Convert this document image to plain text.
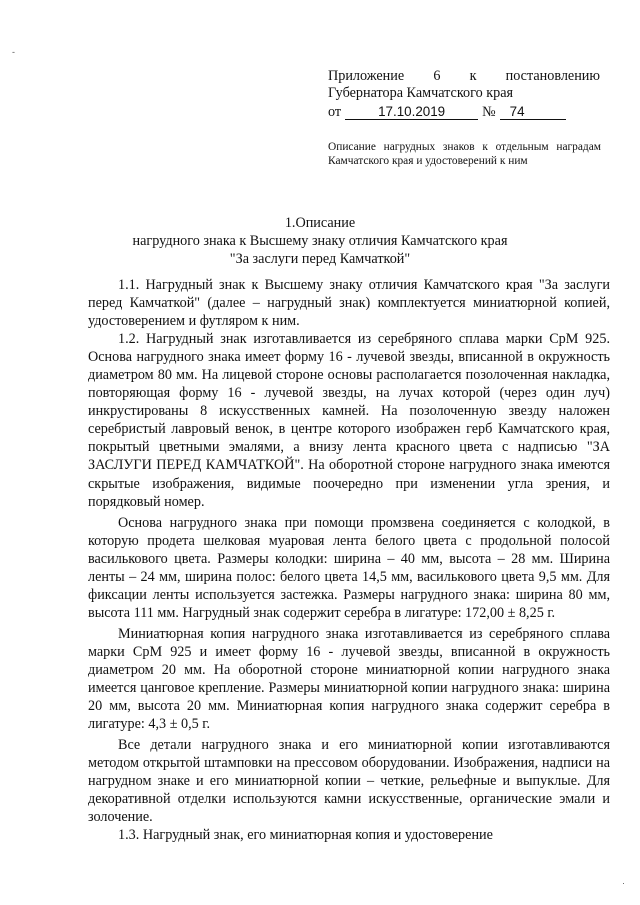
-
·
Приложение 6 к постановлению
Губернатора Камчатского края
от	17.10.2019	№	74
Описание нагрудных знаков к отдельным наградам Камчатского края и удостоверений к ним
1.Описание
нагрудного знака к Высшему знаку отличия Камчатского края
"За заслуги перед Камчаткой"

1.1. Нагрудный знак к Высшему знаку отличия Камчатского края "За заслуги перед Камчаткой" (далее – нагрудный знак) комплектуется миниатюрной копией, удостоверением и футляром к ним.

1.2. Нагрудный знак изготавливается из серебряного сплава марки СрМ 925. Основа нагрудного знака имеет форму 16 - лучевой звезды, вписанной в окружность диаметром 80 мм. На лицевой стороне основы располагается позолоченная накладка, повторяющая форму 16 - лучевой звезды, на лучах которой (через один луч) инкрустированы 8 искусственных камней. На позолоченную звезду наложен серебристый лавровый венок, в центре которого изображен герб Камчатского края, покрытый цветными эмалями, а внизу лента красного цвета с надписью "ЗА ЗАСЛУГИ ПЕРЕД КАМЧАТКОЙ". На оборотной стороне нагрудного знака имеются скрытые изображения, видимые поочередно при изменении угла зрения, и порядковый номер.

Основа нагрудного знака при помощи промзвена соединяется с колодкой, в которую продета шелковая муаровая лента белого цвета с продольной полосой василькового цвета. Размеры колодки: ширина – 40 мм, высота – 28 мм. Ширина ленты – 24 мм, ширина полос: белого цвета 14,5 мм, василькового цвета 9,5 мм. Для фиксации ленты используется застежка. Размеры нагрудного знака: ширина 80 мм, высота 111 мм. Нагрудный знак содержит серебра в лигатуре: 172,00 ± 8,25 г.

Миниатюрная копия нагрудного знака изготавливается из серебряного сплава марки СрМ 925 и имеет форму 16 - лучевой звезды, вписанной в окружность диаметром 20 мм. На оборотной стороне миниатюрной копии нагрудного знака имеется цанговое крепление. Размеры миниатюрной копии нагрудного знака: ширина 20 мм, высота 20 мм. Миниатюрная копия нагрудного знака содержит серебра в лигатуре: 4,3 ± 0,5 г.

Все детали нагрудного знака и его миниатюрной копии изготавливаются методом открытой штамповки на прессовом оборудовании. Изображения, надписи на нагрудном знаке и его миниатюрной копии – четкие, рельефные и выпуклые. Для декоративной отделки используются камни искусственные, органические эмали и золочение.

1.3. Нагрудный знак, его миниатюрная копия и удостоверение
